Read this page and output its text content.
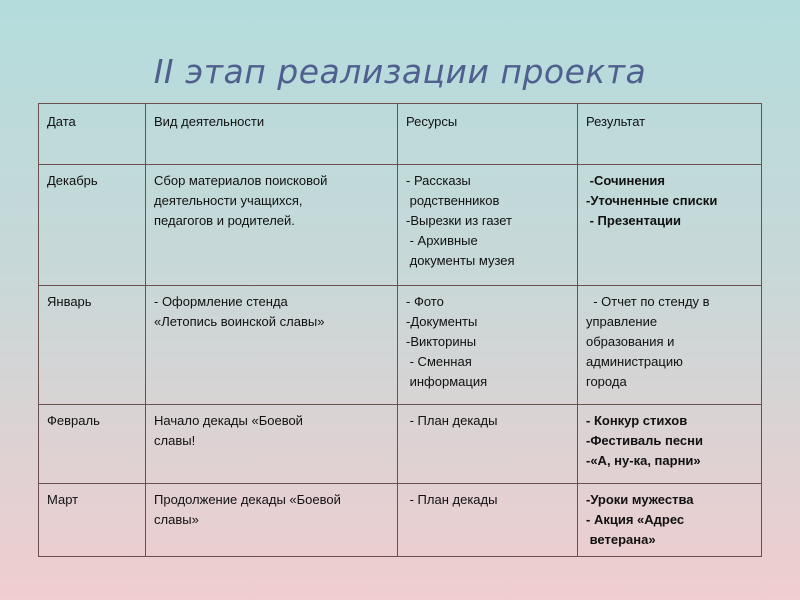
II этап реализации проекта
Дата	Вид деятельности	Ресурсы	Результат
Декабрь	Сбор материалов поисковой
деятельности учащихся,
педагогов и родителей.	- Рассказы
родственников
-Вырезки из газет
- Архивные
документы музея	-Сочинения
-Уточненные списки
- Презентации

Январь	- Оформление стенда
«Летопись воинской славы»	- Фото
-Документы
-Викторины
- Сменная
информация	- Отчет по стенду в
управление
образования и
администрацию
города

Февраль	Начало декады «Боевой
славы!	- План декады	- Конкур стихов
-Фестиваль песни
-«А, ну-ка, парни»

Март	Продолжение декады «Боевой
славы»	- План декады	-Уроки мужества
- Акция «Адрес
ветерана»
